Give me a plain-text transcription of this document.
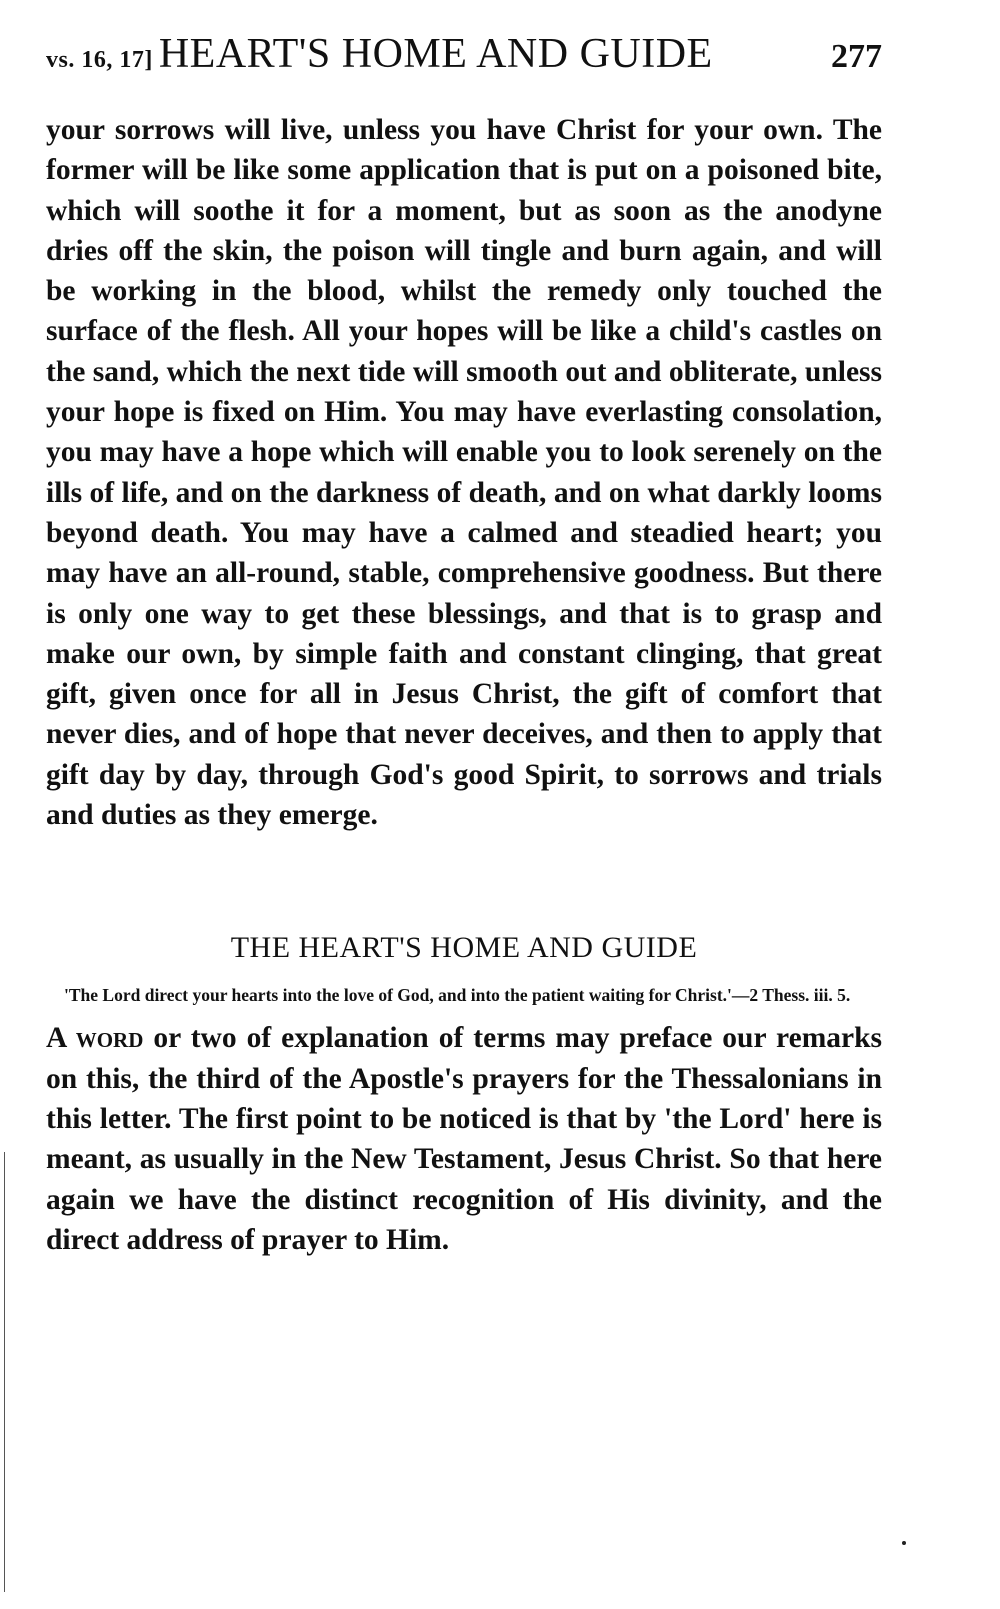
vs. 16, 17] HEART'S HOME AND GUIDE	277

your sorrows will live, unless you have Christ for your own. The former will be like some application that is put on a poisoned bite, which will soothe it for a moment, but as soon as the anodyne dries off the skin, the poison will tingle and burn again, and will be working in the blood, whilst the remedy only touched the surface of the flesh. All your hopes will be like a child's castles on the sand, which the next tide will smooth out and obliterate, unless your hope is fixed on Him. You may have everlasting consolation, you may have a hope which will enable you to look serenely on the ills of life, and on the darkness of death, and on what darkly looms beyond death. You may have a calmed and steadied heart; you may have an all-round, stable, comprehensive goodness. But there is only one way to get these blessings, and that is to grasp and make our own, by simple faith and constant clinging, that great gift, given once for all in Jesus Christ, the gift of comfort that never dies, and of hope that never deceives, and then to apply that gift day by day, through God's good Spirit, to sorrows and trials and duties as they emerge.

THE HEART'S HOME AND GUIDE

'The Lord direct your hearts into the love of God, and into the patient waiting for Christ.'—2 Thess. iii. 5.

A word or two of explanation of terms may preface our remarks on this, the third of the Apostle's prayers for the Thessalonians in this letter. The first point to be noticed is that by 'the Lord' here is meant, as usually in the New Testament, Jesus Christ. So that here again we have the distinct recognition of His divinity, and the direct address of prayer to Him.
